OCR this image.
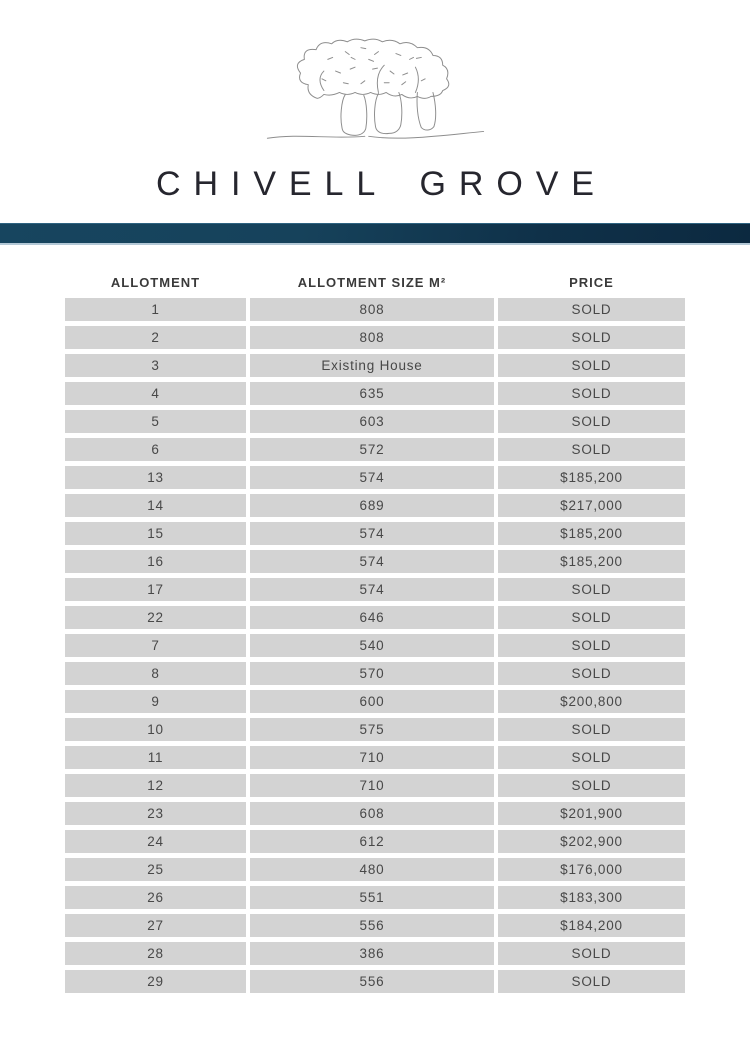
CHIVELL GROVE
ALLOTMENT	ALLOTMENT SIZE M²	PRICE
1	808	SOLD
2	808	SOLD
3	Existing House	SOLD
4	635	SOLD
5	603	SOLD
6	572	SOLD
13	574	$185,200
14	689	$217,000
15	574	$185,200
16	574	$185,200
17	574	SOLD
22	646	SOLD
7	540	SOLD
8	570	SOLD
9	600	$200,800
10	575	SOLD
11	710	SOLD
12	710	SOLD
23	608	$201,900
24	612	$202,900
25	480	$176,000
26	551	$183,300
27	556	$184,200
28	386	SOLD
29	556	SOLD
